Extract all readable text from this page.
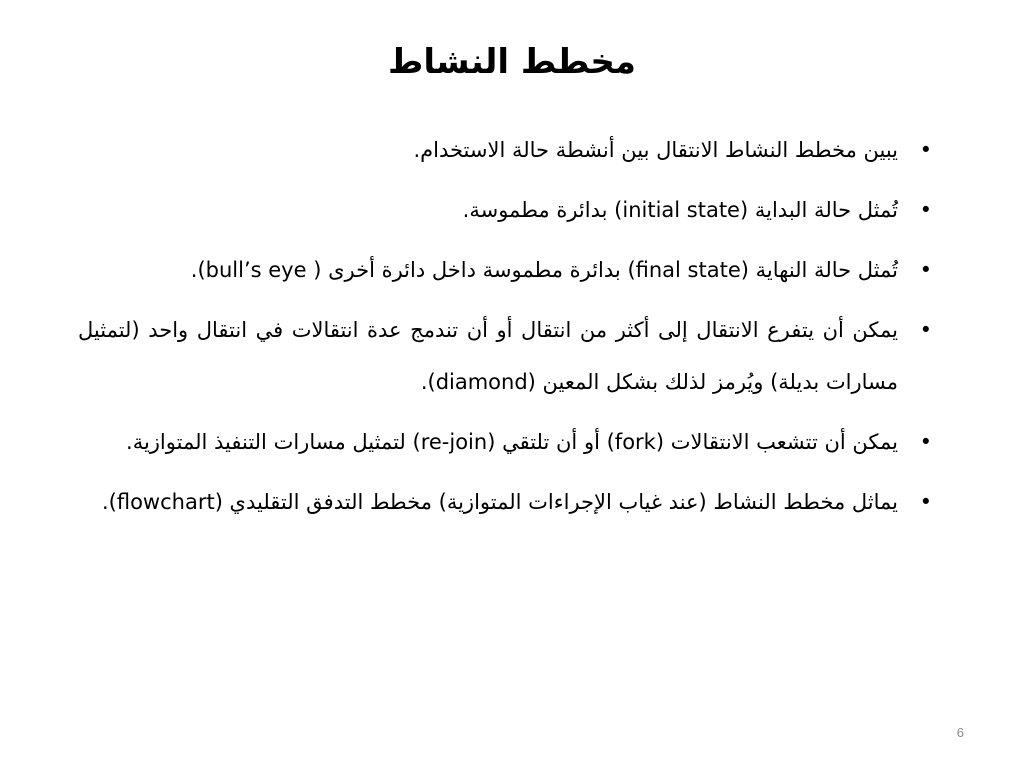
مخطط النشاط
•
يبين مخطط النشاط الانتقال بين أنشطة حالة الاستخدام.
•
تُمثل حالة البداية (initial state) بدائرة مطموسة.
•
تُمثل حالة النهاية (final state) بدائرة مطموسة داخل دائرة أخرى ( bull’s eye).
•
يمكن أن يتفرع الانتقال إلى أكثر من انتقال أو أن تندمج عدة انتقالات في انتقال واحد (لتمثيل مسارات بديلة) ويُرمز لذلك بشكل المعين (diamond).
•
يمكن أن تتشعب الانتقالات (fork) أو أن تلتقي (re-join) لتمثيل مسارات التنفيذ المتوازية.
•
يماثل مخطط النشاط (عند غياب الإجراءات المتوازية) مخطط التدفق التقليدي (flowchart).
6
